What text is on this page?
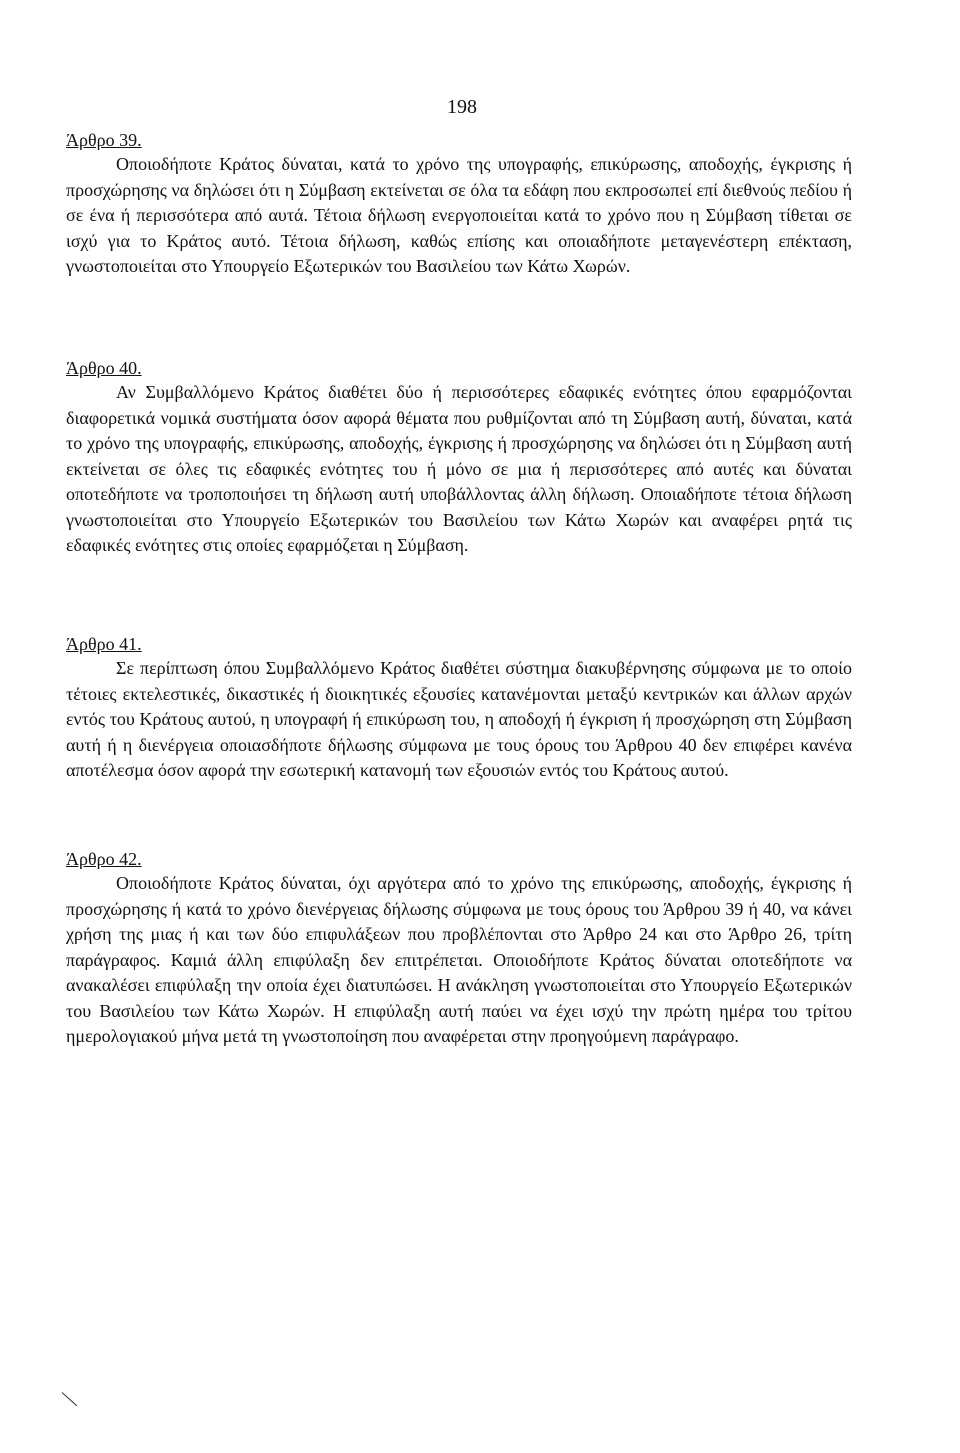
198
Άρθρο 39.

Οποιοδήποτε Κράτος δύναται, κατά το χρόνο της υπογραφής, επικύρωσης, αποδοχής, έγκρισης ή προσχώρησης να δηλώσει ότι η Σύμβαση εκτείνεται σε όλα τα εδάφη που εκπροσωπεί επί διεθνούς πεδίου ή σε ένα ή περισσότερα από αυτά. Τέτοια δήλωση ενεργοποιείται κατά το χρόνο που η Σύμβαση τίθεται σε ισχύ για το Κράτος αυτό. Τέτοια δήλωση, καθώς επίσης και οποιαδήποτε μεταγενέστερη επέκταση, γνωστοποιείται στο Υπουργείο Εξωτερικών του Βασιλείου των Κάτω Χωρών.

Άρθρο 40.

Αν Συμβαλλόμενο Κράτος διαθέτει δύο ή περισσότερες εδαφικές ενότητες όπου εφαρμόζονται διαφορετικά νομικά συστήματα όσον αφορά θέματα που ρυθμίζονται από τη Σύμβαση αυτή, δύναται, κατά το χρόνο της υπογραφής, επικύρωσης, αποδοχής, έγκρισης ή προσχώρησης να δηλώσει ότι η Σύμβαση αυτή εκτείνεται σε όλες τις εδαφικές ενότητες του ή μόνο σε μια ή περισσότερες από αυτές και δύναται οποτεδήποτε να τροποποιήσει τη δήλωση αυτή υποβάλλοντας άλλη δήλωση. Οποιαδήποτε τέτοια δήλωση γνωστοποιείται στο Υπουργείο Εξωτερικών του Βασιλείου των Κάτω Χωρών και αναφέρει ρητά τις εδαφικές ενότητες στις οποίες εφαρμόζεται η Σύμβαση.

Άρθρο 41.

Σε περίπτωση όπου Συμβαλλόμενο Κράτος διαθέτει σύστημα διακυβέρνησης σύμφωνα με το οποίο τέτοιες εκτελεστικές, δικαστικές ή διοικητικές εξουσίες κατανέμονται μεταξύ κεντρικών και άλλων αρχών εντός του Κράτους αυτού, η υπογραφή ή επικύρωση του, η αποδοχή ή έγκριση ή προσχώρηση στη Σύμβαση αυτή ή η διενέργεια οποιασδήποτε δήλωσης σύμφωνα με τους όρους του Άρθρου 40 δεν επιφέρει κανένα αποτέλεσμα όσον αφορά την εσωτερική κατανομή των εξουσιών εντός του Κράτους αυτού.

Άρθρο 42.

Οποιοδήποτε Κράτος δύναται, όχι αργότερα από το χρόνο της επικύρωσης, αποδοχής, έγκρισης ή προσχώρησης ή κατά το χρόνο διενέργειας δήλωσης σύμφωνα με τους όρους του Άρθρου 39 ή 40, να κάνει χρήση της μιας ή και των δύο επιφυλάξεων που προβλέπονται στο Άρθρο 24 και στο Άρθρο 26, τρίτη παράγραφος. Καμιά άλλη επιφύλαξη δεν επιτρέπεται. Οποιοδήποτε Κράτος δύναται οποτεδήποτε να ανακαλέσει επιφύλαξη την οποία έχει διατυπώσει. Η ανάκληση γνωστοποιείται στο Υπουργείο Εξωτερικών του Βασιλείου των Κάτω Χωρών. Η επιφύλαξη αυτή παύει να έχει ισχύ την πρώτη ημέρα του τρίτου ημερολογιακού μήνα μετά τη γνωστοποίηση που αναφέρεται στην προηγούμενη παράγραφο.
